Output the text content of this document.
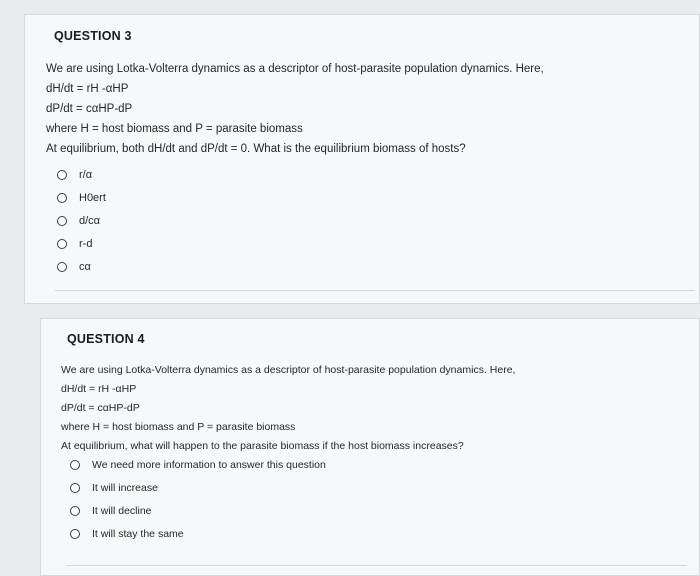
QUESTION 3
We are using Lotka-Volterra dynamics as a descriptor of host-parasite population dynamics. Here,
dH/dt = rH -αHP
dP/dt = cαHP-dP
where H = host biomass and P = parasite biomass
At equilibrium, both dH/dt and dP/dt = 0. What is the equilibrium biomass of hosts?
r/α
H0ert
d/cα
r-d
cα
QUESTION 4
We are using Lotka-Volterra dynamics as a descriptor of host-parasite population dynamics. Here,
dH/dt = rH -αHP
dP/dt = cαHP-dP
where H = host biomass and P = parasite biomass
At equilibrium, what will happen to the parasite biomass if the host biomass increases?
We need more information to answer this question
It will increase
It will decline
It will stay the same
